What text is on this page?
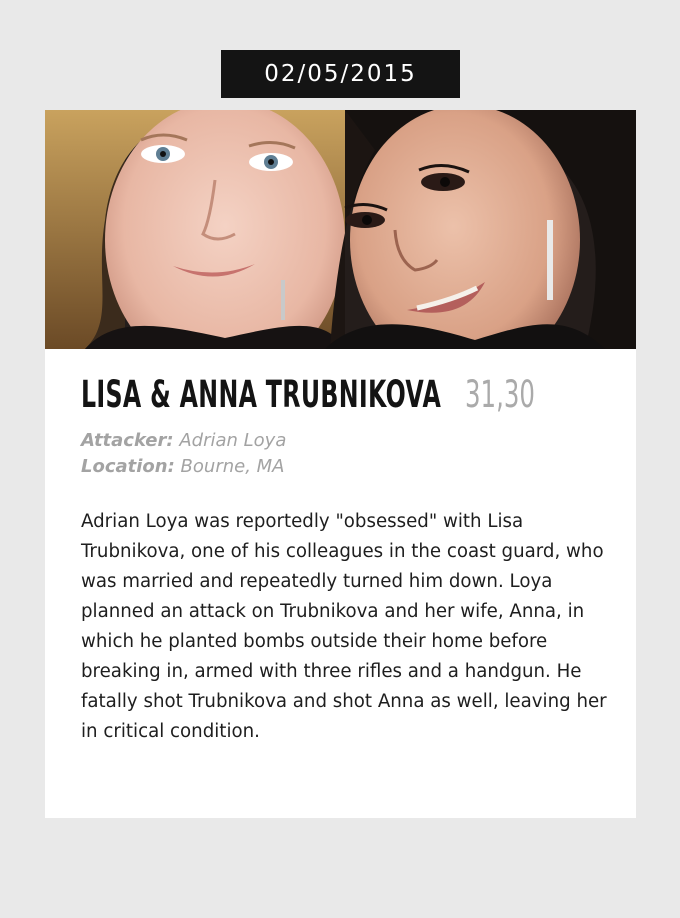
02/05/2015
LISA & ANNA TRUBNIKOVA 31,30
Attacker: Adrian Loya
Location: Bourne, MA

Adrian Loya was reportedly "obsessed" with Lisa Trubnikova, one of his colleagues in the coast guard, who was married and repeatedly turned him down. Loya planned an attack on Trubnikova and her wife, Anna, in which he planted bombs outside their home before breaking in, armed with three rifles and a handgun. He fatally shot Trubnikova and shot Anna as well, leaving her in critical condition.
